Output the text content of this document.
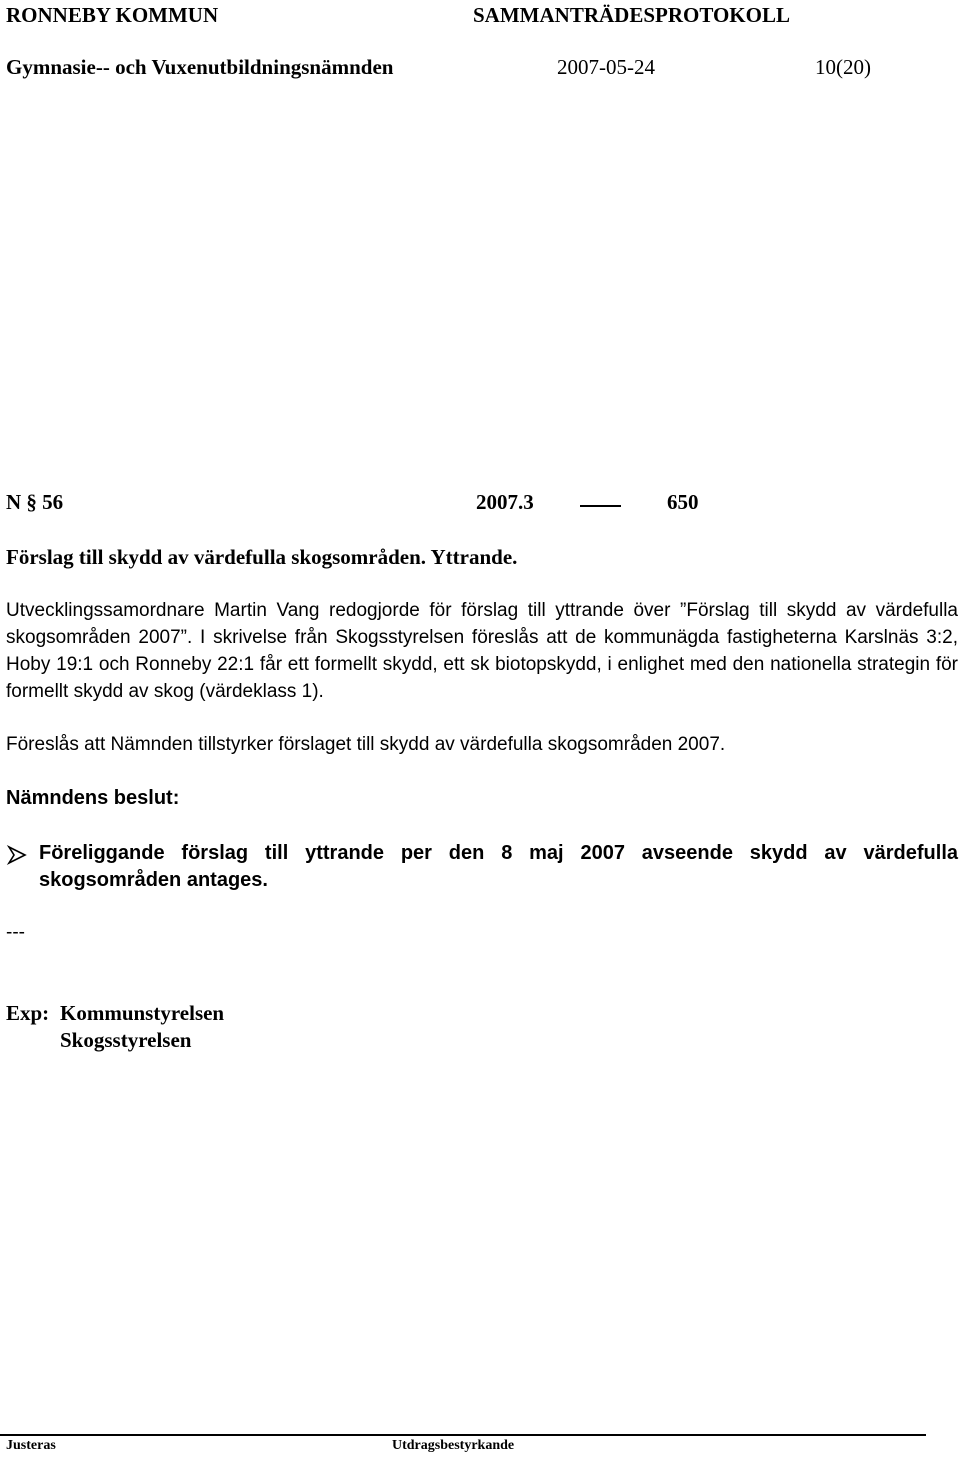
RONNEBY KOMMUN	SAMMANTRÄDESPROTOKOLL
Gymnasie-- och Vuxenutbildningsnämnden	2007-05-24	10(20)
N § 56	2007.3	650
Förslag till skydd av värdefulla skogsområden. Yttrande.
Utvecklingssamordnare Martin Vang redogjorde för förslag till yttrande över ”Förslag till skydd av värdefulla skogsområden 2007”. I skrivelse från Skogsstyrelsen föreslås att de kommunägda fastigheterna Karslnäs 3:2, Hoby 19:1 och Ronneby 22:1 får ett formellt skydd, ett sk biotopskydd, i enlighet med den nationella strategin för formellt skydd av skog (värdeklass 1).
Föreslås att Nämnden tillstyrker förslaget till skydd av värdefulla skogsområden 2007.
Nämndens beslut:
Föreliggande förslag till yttrande per den 8 maj 2007 avseende skydd av värdefulla skogsområden antages.
---
Exp: Kommunstyrelsen
Skogsstyrelsen
Justeras	Utdragsbestyrkande
